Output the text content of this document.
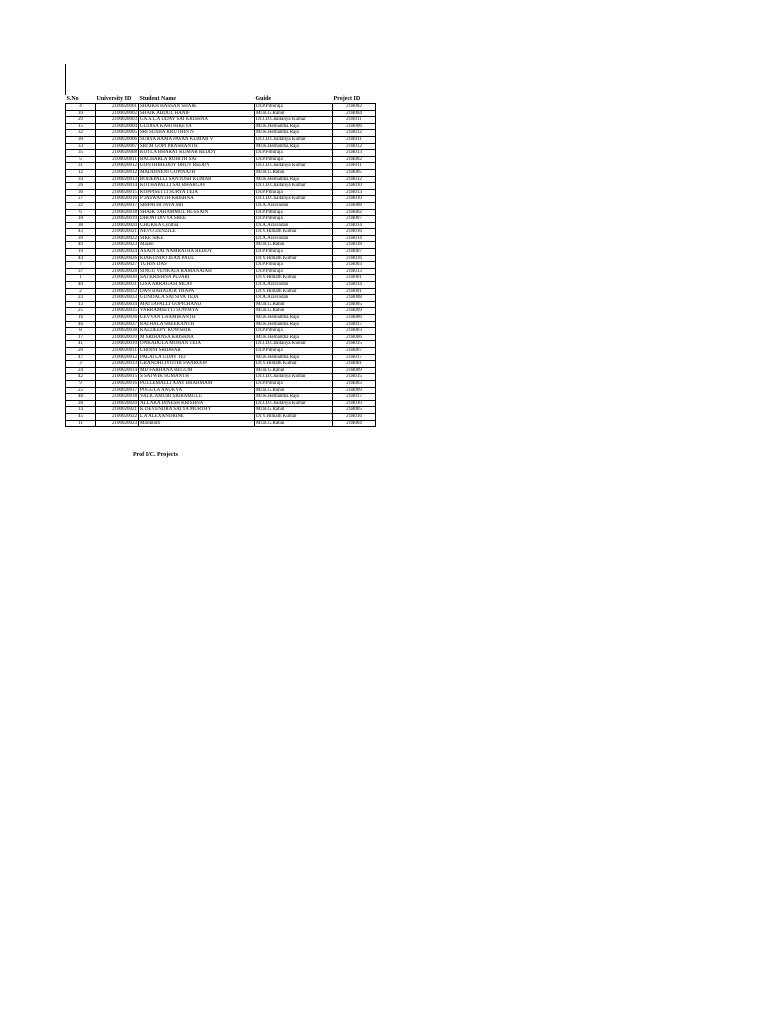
S.No	University ID	Student Name	Guide	Project ID
4	2100020001	SHAIKH HASSAN SHAIK	Dr.P.Pitluraja	21R002
10	2100020002	SHAIK ABDUL HANIF	Mr.B.G.Rahul	21R004
29	2100020003	GA.S.L.A UDAY SAI KRISHNA	Dr.J.D.Chaitanya Kumar	21R011
15	2100020004	GUDISA KARTHIKEYA	Mr.K.Hemantha Raja	21R006
32	2100020005	SRI SUSHA KRUTHIN N	Mr.K.Hemantha Raja	21R012
30	2100020006	SURYA RAMA PAVAN KUMAR V	Dr.J.D.Chaitanya Kumar	21R011
33	2100020007	SRI M GOPI PRASHANTH	Mr.K.Hemantha Raja	21R012
35	2100020008	KOTLA BHARAT KUMAR REDDY	Dr.P.Pitluraja	21R013
5	2100020011	RACHARLA ROHITH SAI	Dr.P.Pitluraja	21R002
31	2100020012	GONTHIREDDY DRUV REDDY	Dr.J.D.Chaitanya Kumar	21R011
12	2100020012	MADDINENI GOPINATH	Mr.B.G.Rahul	21R005
34	2100020013	BODEPALLI SANTOSH KUMAR	Mr.K.Hemantha Raja	21R012
26	2100020014	KOTHAPALLI SAI BHARGAV	Dr.J.D.Chaitanya Kumar	21R010
36	2100020015	KOPPISETTI SURYA TEJA	Dr.P.Pitluraja	21R013
27	2100020016	P JASWANTH KRISHNA	Dr.J.D.Chaitanya Kumar	21R010
22	2100020017	SRIPATHI JAYA SRI	Dr.A.Aravindan	21R008
6	2100020018	SHAIK TAHAMMUL HUSSAIN	Dr.P.Pitluraja	21R002
18	2100020019	DHONI DIVYA SREE	Dr.P.Pitluraja	21R007
38	2100020020	CHUKKA Cynthia	Dr.A.Aravindan	21R014
43	2100020021	NEVO ZENZILE	Dr.Y.Himath Kumar	21R016
39	2100020022	SIKE SIKE	Dr.A.Aravindan	21R014
49	2100020023	Mazen	Mr.B.G.Rahul	21R018
19	2100020024	ASADI SAI NAMRATHA REDDY	Dr.P.Pitluraja	21R007
44	2100020026	KIAKUNDO JEAN PAUL	Dr.Y.Himath Kumar	21R016
7	2100020027	TUHIN DAS	Dr.P.Pitluraja	21R003
37	2100020028	SINGU VENKATA RAMANAIAH	Dr.P.Pitluraja	21R013
1	2100020030	SAI KRISHNA PUJARI	Dr.Y.Himath Kumar	21R001
40	2100020031	LISA ARRAGASI MLAY	Dr.A.Aravindan	21R014
2	2100020032	DAN BAHADUR THAPA	Dr.Y.Himath Kumar	21R001
23	2100020033	GUNDALA SAI SIVA TEJA	Dr.A.Aravindan	21R008
13	2100020034	MATTAPALLI GOPICHAND	Mr.B.G.Rahul	21R005
25	2100020035	VARRAMSETTI SOWMYA	Mr.B.G.Rahul	21R009
16	2100020036	GEVVAN LAXMIKANTH	Mr.K.Hemantha Raja	21R006
46	2100020037	RATHALA SREEKANTH	Mr.K.Hemantha Raja	21R017
8	2100020038	KALDEEPY KOWSHIK	Dr.P.Pitluraja	21R003
17	2100020039	M SRIHANSA KRISHNA	Mr.K.Hemantha Raja	21R006
41	2100020010	ONKADULA MOHAN TEJA	Dr.J.D.Chaitanya Kumar	21R015
20	2100020011	CHINNI SRIDHAR	Dr.P.Pitluraja	21R007
47	2100020012	PALATLA UDAY TEJ	Mr.K.Hemantha Raja	21R017
3	2100020013	GRANDHI JYOTHI SWAROOP	Dr.Y.Himath Kumar	21R001
24	2100020014	MD FARHANA BEGUM	Mr.B.G.Rahul	21R009
42	2100020015	S SATWIK SUMANTH	Dr.J.D.Chaitanya Kumar	21R015
9	2100020016	PULLEMALLI AJAY BRAHMAM	Dr.P.Pitluraja	21R003
25	2100020017	POGULA ANUKYA	Mr.B.G.Rahul	21R009
48	2100020018	VALICAMURI SRIRAMULU	Mr.K.Hemantha Raja	21R017
28	2100020020	ALLAKA DINESH KRISHNA	Dr.J.D.Chaitanya Kumar	21R010
14	2100020021	K DEVENDRA SATYA MURTHY	Mr.B.G.Rahul	21R005
45	2100020022	L A ALEXANDRINE	Dr.Y.Himath Kumar	21R016
11	2100020023	Mariktoth	Mr.B.G.Rahul	21R004
Prof I/C. Projects
